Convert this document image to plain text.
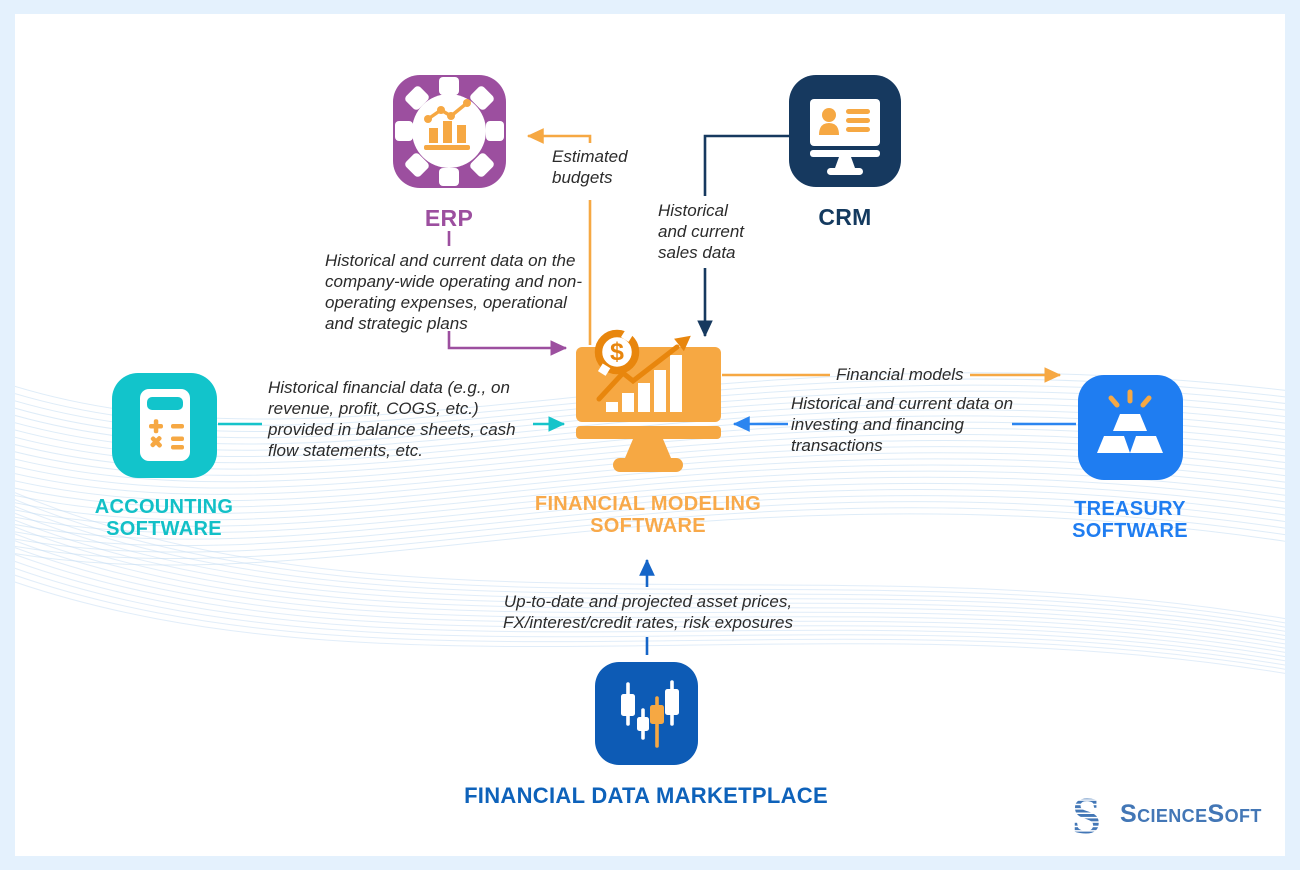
Estimated budgets
Historical and current data on the company-wide operating and non-operating expenses, operational and strategic plans
Historical and current sales data
Historical financial data (e.g., on revenue, profit, COGS, etc.) provided in balance sheets, cash flow statements, etc.
Financial models
Historical and current data on investing and financing transactions
Up-to-date and projected asset prices, FX/interest/credit rates, risk exposures
ERP	CRM
ACCOUNTING SOFTWARE
$
FINANCIAL MODELING SOFTWARE
TREASURY SOFTWARE
FINANCIAL DATA MARKETPLACE	S SCIENCESOFT
